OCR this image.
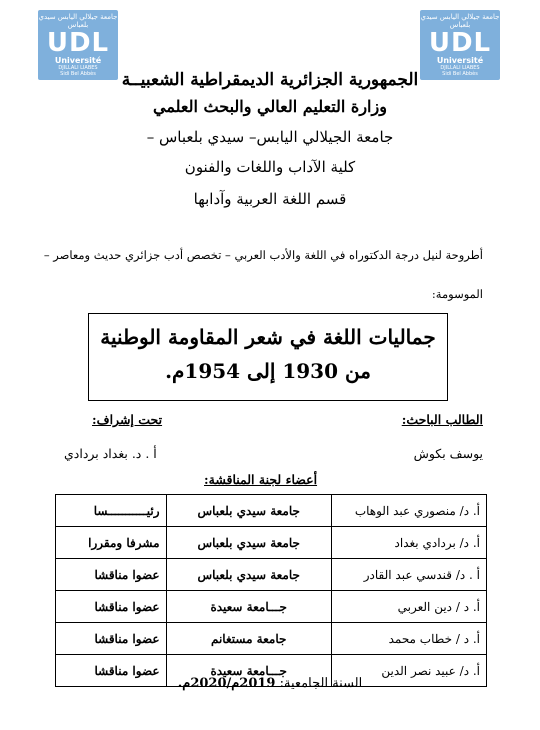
جامعة جيلالي اليابس سيدي بلعباس
UDL
Université
DJILLALI LIABES
Sidi Bel Abbès
جامعة جيلالي اليابس سيدي بلعباس
UDL
Université
DJILLALI LIABES
Sidi Bel Abbès
الجمهورية الجزائرية الديمقراطية الشعبيــة
وزارة التعليم العالي والبحث العلمي
جامعة الجيلالي اليابس– سيدي بلعباس –
كلية الآداب واللغات والفنون
قسم اللغة العربية وآدابها
أطروحة لنيل درجة الدكتوراه في اللغة والأدب العربي – تخصص أدب جزائري حديث ومعاصر –
الموسومة:
جماليات اللغة في شعر المقاومة الوطنية
من 1930 إلى 1954م.
الطالب الباحث:
يوسف بكوش
تحت إشراف:
أ . د. بغداد بردادي
أعضاء لجنة المناقشة:
أ. د/ منصوري عبد الوهاب	جامعة سيدي بلعباس	رئيـــــــــــسا
أ. د/ بردادي بغداد	جامعة سيدي بلعباس	مشرفا ومقررا
أ . د/ قندسي عبد القادر	جامعة سيدي بلعباس	عضوا مناقشا
أ. د / دين العربي	جـــامعة سعيدة	عضوا مناقشا
أ. د / خطاب محمد	جامعة مستغانم	عضوا مناقشا
أ. د/ عبيد نصر الدين	جـــامعة سعيدة	عضوا مناقشا
السنة الجامعية: 2019م/2020م.
